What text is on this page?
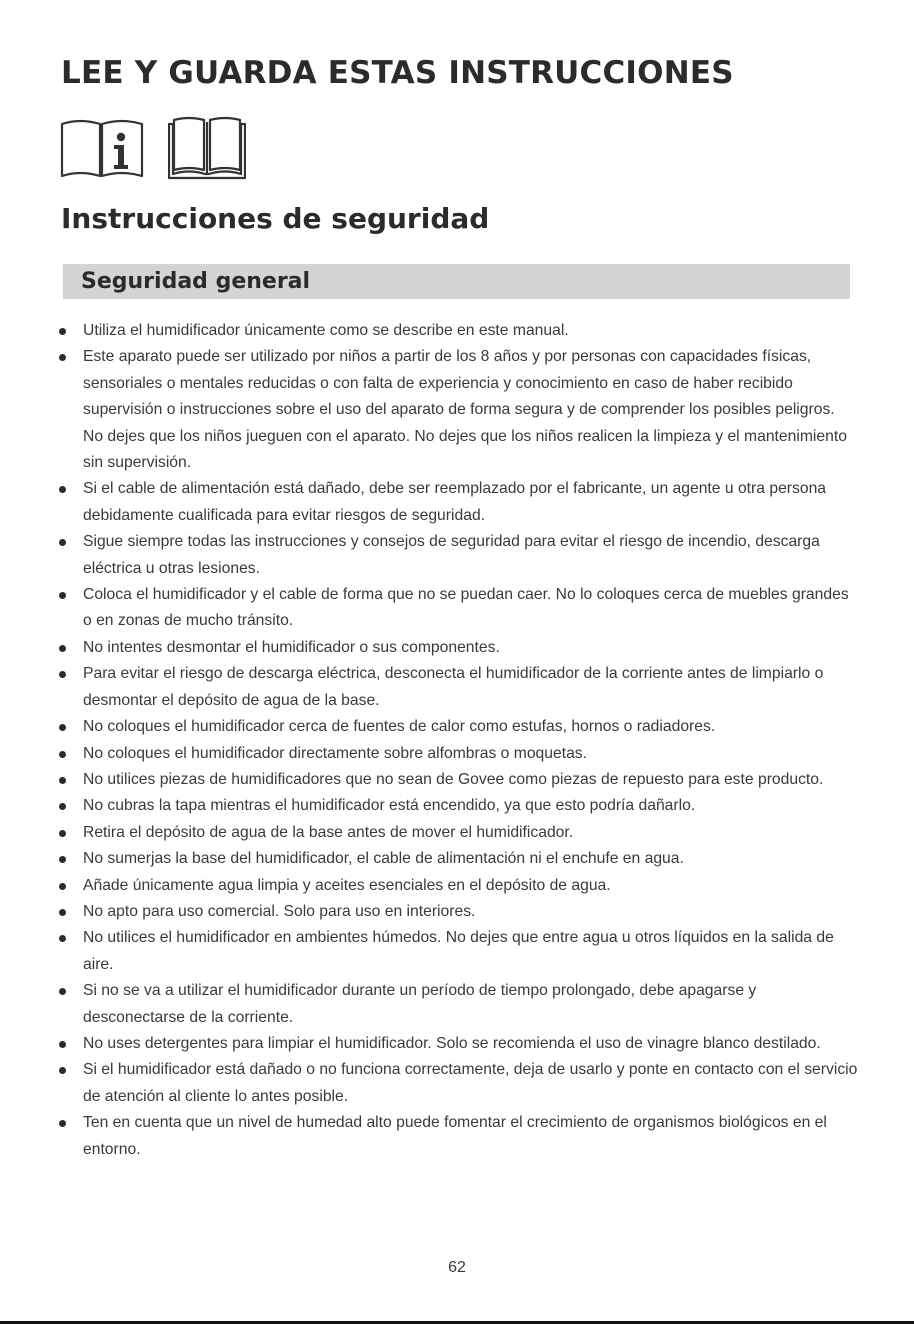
LEE Y GUARDA ESTAS INSTRUCCIONES
Instrucciones de seguridad
Seguridad general
Utiliza el humidificador únicamente como se describe en este manual.
Este aparato puede ser utilizado por niños a partir de los 8 años y por personas con capacidades físicas, sensoriales o mentales reducidas o con falta de experiencia y conocimiento en caso de haber recibido supervisión o instrucciones sobre el uso del aparato de forma segura y de comprender los posibles peligros. No dejes que los niños jueguen con el aparato. No dejes que los niños realicen la limpieza y el mantenimiento sin supervisión.
Si el cable de alimentación está dañado, debe ser reemplazado por el fabricante, un agente u otra persona debidamente cualificada para evitar riesgos de seguridad.
Sigue siempre todas las instrucciones y consejos de seguridad para evitar el riesgo de incendio, descarga eléctrica u otras lesiones.
Coloca el humidificador y el cable de forma que no se puedan caer. No lo coloques cerca de muebles grandes o en zonas de mucho tránsito.
No intentes desmontar el humidificador o sus componentes.
Para evitar el riesgo de descarga eléctrica, desconecta el humidificador de la corriente antes de limpiarlo o desmontar el depósito de agua de la base.
No coloques el humidificador cerca de fuentes de calor como estufas, hornos o radiadores.
No coloques el humidificador directamente sobre alfombras o moquetas.
No utilices piezas de humidificadores que no sean de Govee como piezas de repuesto para este producto.
No cubras la tapa mientras el humidificador está encendido, ya que esto podría dañarlo.
Retira el depósito de agua de la base antes de mover el humidificador.
No sumerjas la base del humidificador, el cable de alimentación ni el enchufe en agua.
Añade únicamente agua limpia y aceites esenciales en el depósito de agua.
No apto para uso comercial. Solo para uso en interiores.
No utilices el humidificador en ambientes húmedos. No dejes que entre agua u otros líquidos en la salida de aire.
Si no se va a utilizar el humidificador durante un período de tiempo prolongado, debe apagarse y desconectarse de la corriente.
No uses detergentes para limpiar el humidificador. Solo se recomienda el uso de vinagre blanco destilado.
Si el humidificador está dañado o no funciona correctamente, deja de usarlo y ponte en contacto con el servicio de atención al cliente lo antes posible.
Ten en cuenta que un nivel de humedad alto puede fomentar el crecimiento de organismos biológicos en el entorno.
62
